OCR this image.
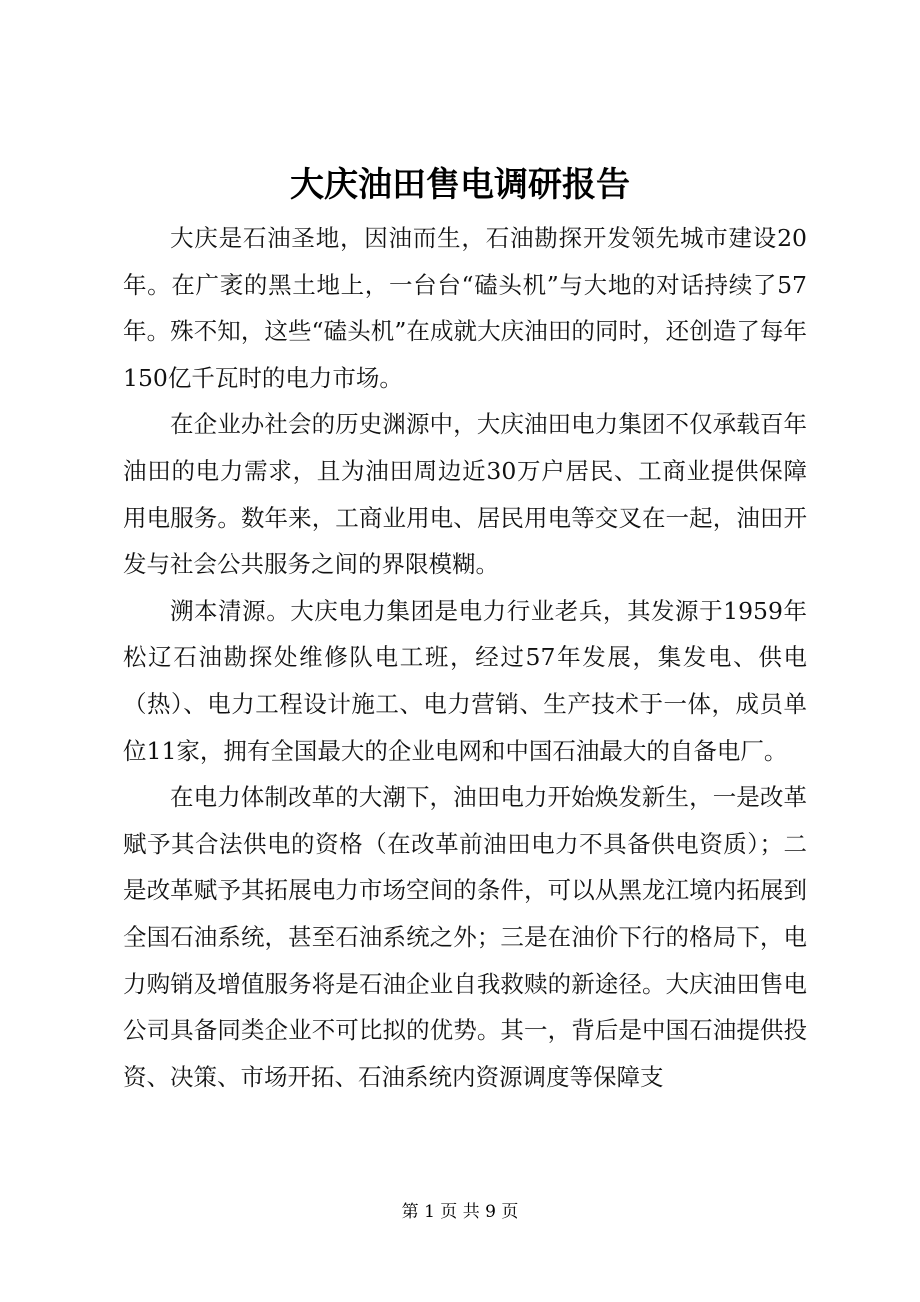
大庆油田售电调研报告

大庆是石油圣地，因油而生，石油勘探开发领先城市建设20年。在广袤的黑土地上，一台台“磕头机”与大地的对话持续了57年。殊不知，这些“磕头机”在成就大庆油田的同时，还创造了每年150亿千瓦时的电力市场。

在企业办社会的历史渊源中，大庆油田电力集团不仅承载百年油田的电力需求，且为油田周边近30万户居民、工商业提供保障用电服务。数年来，工商业用电、居民用电等交叉在一起，油田开发与社会公共服务之间的界限模糊。

溯本清源。大庆电力集团是电力行业老兵，其发源于1959年松辽石油勘探处维修队电工班，经过57年发展，集发电、供电（热）、电力工程设计施工、电力营销、生产技术于一体，成员单位11家，拥有全国最大的企业电网和中国石油最大的自备电厂。

在电力体制改革的大潮下，油田电力开始焕发新生，一是改革赋予其合法供电的资格（在改革前油田电力不具备供电资质）；二是改革赋予其拓展电力市场空间的条件，可以从黑龙江境内拓展到全国石油系统，甚至石油系统之外；三是在油价下行的格局下，电力购销及增值服务将是石油企业自我救赎的新途径。大庆油田售电公司具备同类企业不可比拟的优势。其一，背后是中国石油提供投资、决策、市场开拓、石油系统内资源调度等保障支

第 1 页 共 9 页
